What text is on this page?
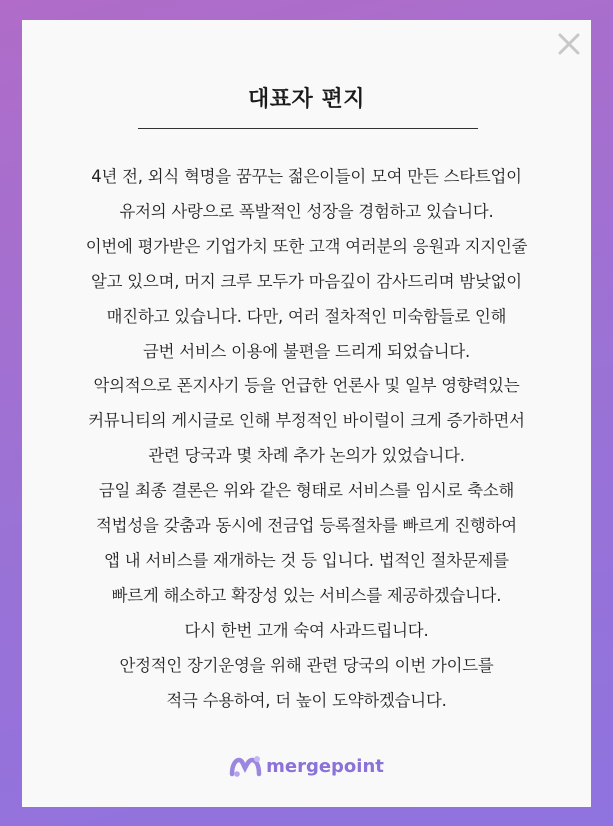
대표자 편지
4년 전, 외식 혁명을 꿈꾸는 젊은이들이 모여 만든 스타트업이
유저의 사랑으로 폭발적인 성장을 경험하고 있습니다.
이번에 평가받은 기업가치 또한 고객 여러분의 응원과 지지인줄
알고 있으며, 머지 크루 모두가 마음깊이 감사드리며 밤낮없이
매진하고 있습니다. 다만, 여러 절차적인 미숙함들로 인해
금번 서비스 이용에 불편을 드리게 되었습니다.
악의적으로 폰지사기 등을 언급한 언론사 및 일부 영향력있는
커뮤니티의 게시글로 인해 부정적인 바이럴이 크게 증가하면서
관련 당국과 몇 차례 추가 논의가 있었습니다.
금일 최종 결론은 위와 같은 형태로 서비스를 임시로 축소해
적법성을 갖춤과 동시에 전금업 등록절차를 빠르게 진행하여
앱 내 서비스를 재개하는 것 등 입니다. 법적인 절차문제를
빠르게 해소하고 확장성 있는 서비스를 제공하겠습니다.
다시 한번 고개 숙여 사과드립니다.
안정적인 장기운영을 위해 관련 당국의 이번 가이드를
적극 수용하여, 더 높이 도약하겠습니다.
mergepoint
